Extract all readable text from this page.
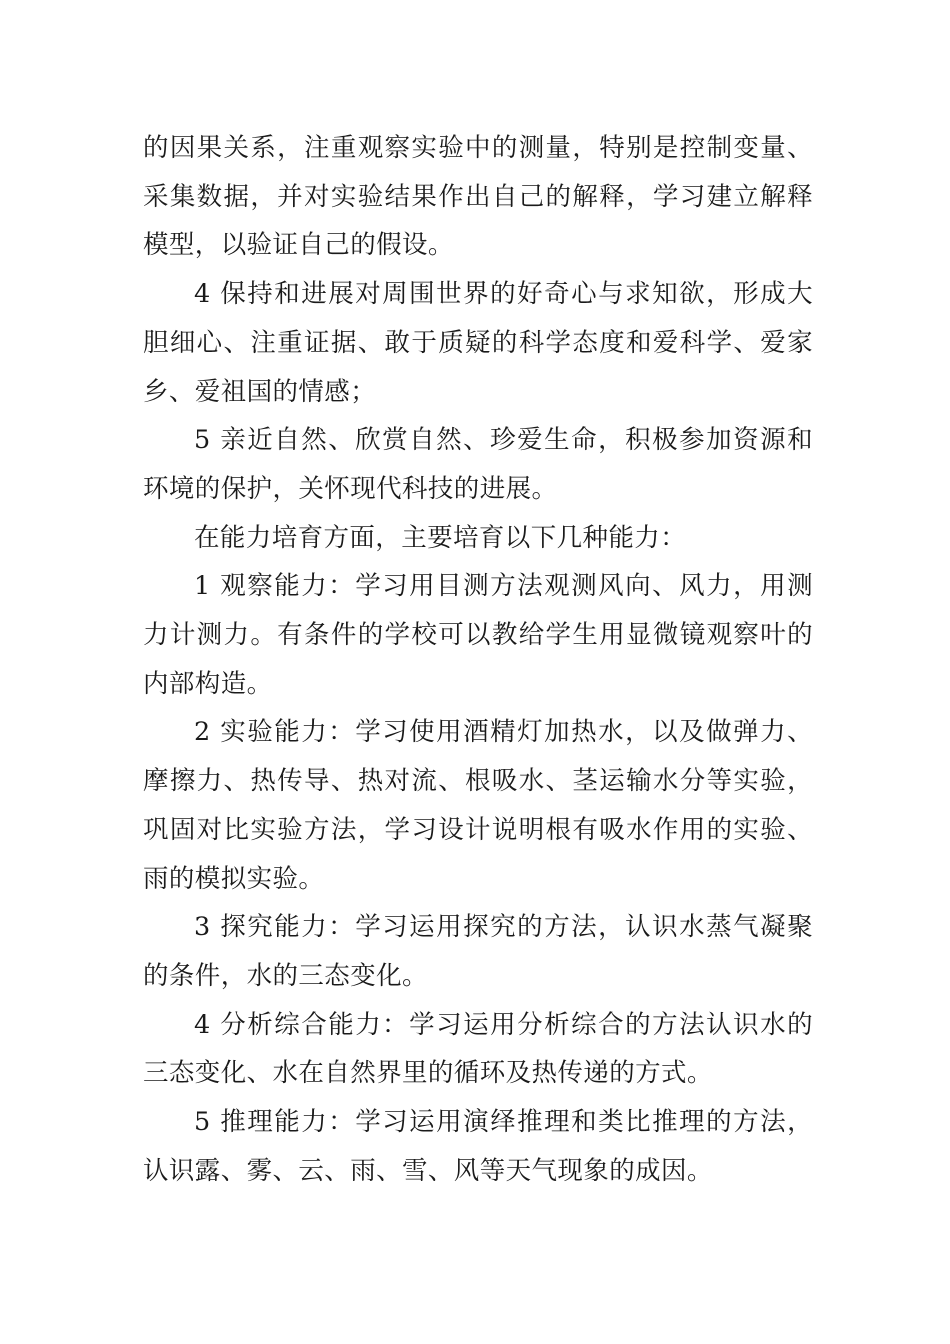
的因果关系，注重观察实验中的测量，特别是控制变量、采集数据，并对实验结果作出自己的解释，学习建立解释模型，以验证自己的假设。

4 保持和进展对周围世界的好奇心与求知欲，形成大胆细心、注重证据、敢于质疑的科学态度和爱科学、爱家乡、爱祖国的情感；

5 亲近自然、欣赏自然、珍爱生命，积极参加资源和环境的保护，关怀现代科技的进展。

在能力培育方面，主要培育以下几种能力：

1 观察能力：学习用目测方法观测风向、风力，用测力计测力。有条件的学校可以教给学生用显微镜观察叶的内部构造。

2 实验能力：学习使用酒精灯加热水，以及做弹力、摩擦力、热传导、热对流、根吸水、茎运输水分等实验，巩固对比实验方法，学习设计说明根有吸水作用的实验、雨的模拟实验。

3 探究能力：学习运用探究的方法，认识水蒸气凝聚的条件，水的三态变化。

4 分析综合能力：学习运用分析综合的方法认识水的三态变化、水在自然界里的循环及热传递的方式。

5 推理能力：学习运用演绎推理和类比推理的方法，认识露、雾、云、雨、雪、风等天气现象的成因。
